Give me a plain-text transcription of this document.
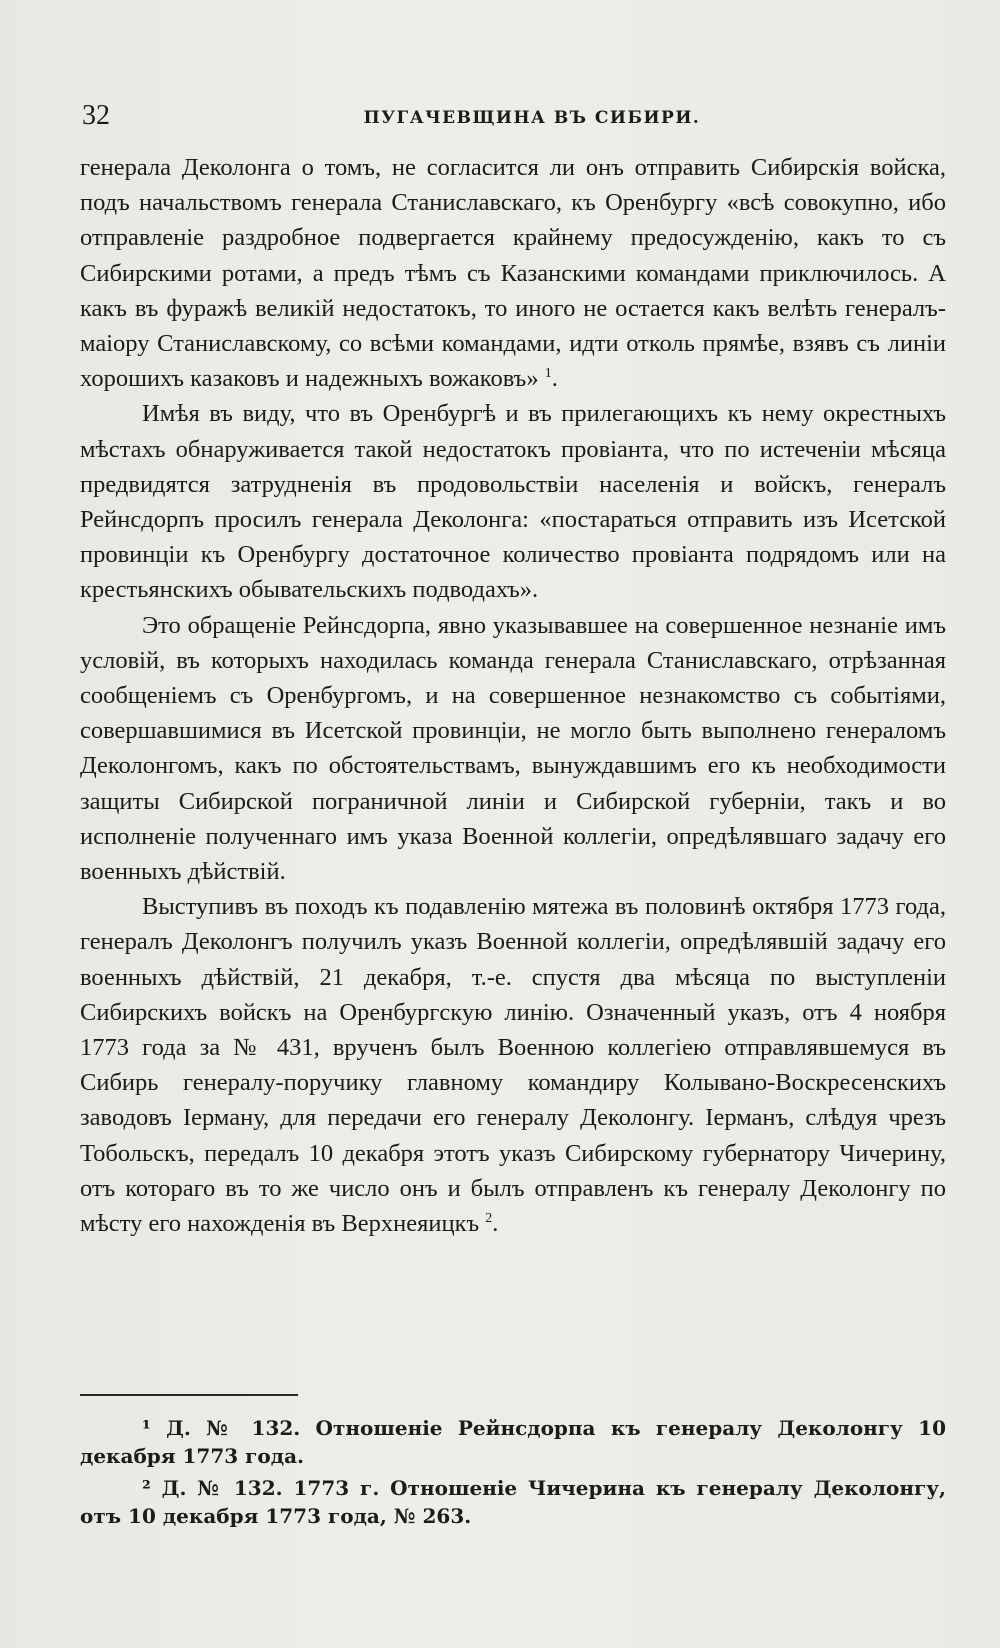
32	ПУГАЧЕВЩИНА ВЪ СИБИРИ.

генерала Деколонга о томъ, не согласится ли онъ отправить Сибирскія войска, подъ начальствомъ генерала Станиславскаго, къ Оренбургу «всѣ совокупно, ибо отправленіе раздробное подвергается крайнему предосужденію, какъ то съ Сибирскими ротами, а предъ тѣмъ съ Казанскими командами приключилось. А какъ въ фуражѣ великій недостатокъ, то иного не остается какъ велѣть генералъ-маіору Станиславскому, со всѣми командами, идти отколь прямѣе, взявъ съ линіи хорошихъ казаковъ и надежныхъ вожаковъ» $^1$.

Имѣя въ виду, что въ Оренбургѣ и въ прилегающихъ къ нему окрестныхъ мѣстахъ обнаруживается такой недостатокъ провіанта, что по истеченіи мѣсяца предвидятся затрудненія въ продовольствіи населенія и войскъ, генералъ Рейнсдорпъ просилъ генерала Деколонга: «постараться отправить изъ Исетской провинціи къ Оренбургу достаточное количество провіанта подрядомъ или на крестьянскихъ обывательскихъ подводахъ».

Это обращеніе Рейнсдорпа, явно указывавшее на совершенное незнаніе имъ условій, въ которыхъ находилась команда генерала Станиславскаго, отрѣзанная сообщеніемъ съ Оренбургомъ, и на совершенное незнакомство съ событіями, совершавшимися въ Исетской провинціи, не могло быть выполнено генераломъ Деколонгомъ, какъ по обстоятельствамъ, вынуждавшимъ его къ необходимости защиты Сибирской пограничной линіи и Сибирской губерніи, такъ и во исполненіе полученнаго имъ указа Военной коллегіи, опредѣлявшаго задачу его военныхъ дѣйствій.

Выступивъ въ походъ къ подавленію мятежа въ половинѣ октября 1773 года, генералъ Деколонгъ получилъ указъ Военной коллегіи, опредѣлявшій задачу его военныхъ дѣйствій, 21 декабря, т.-е. спустя два мѣсяца по выступленіи Сибирскихъ войскъ на Оренбургскую линію. Означенный указъ, отъ 4 ноября 1773 года за № 431, врученъ былъ Военною коллегіею отправлявшемуся въ Сибирь генералу-поручику главному командиру Колывано-Воскресенскихъ заводовъ Іерману, для передачи его генералу Деколонгу. Іерманъ, слѣдуя чрезъ Тобольскъ, передалъ 10 декабря этотъ указъ Сибирскому губернатору Чичерину, отъ котораго въ то же число онъ и былъ отправленъ къ генералу Деколонгу по мѣсту его нахожденія въ Верхнеяицкъ $^2$.

¹ Д. № 132. Отношеніе Рейнсдорпа къ генералу Деколонгу 10 декабря 1773 года.

² Д. № 132. 1773 г. Отношеніе Чичерина къ генералу Деколонгу, отъ 10 декабря 1773 года, № 263.
